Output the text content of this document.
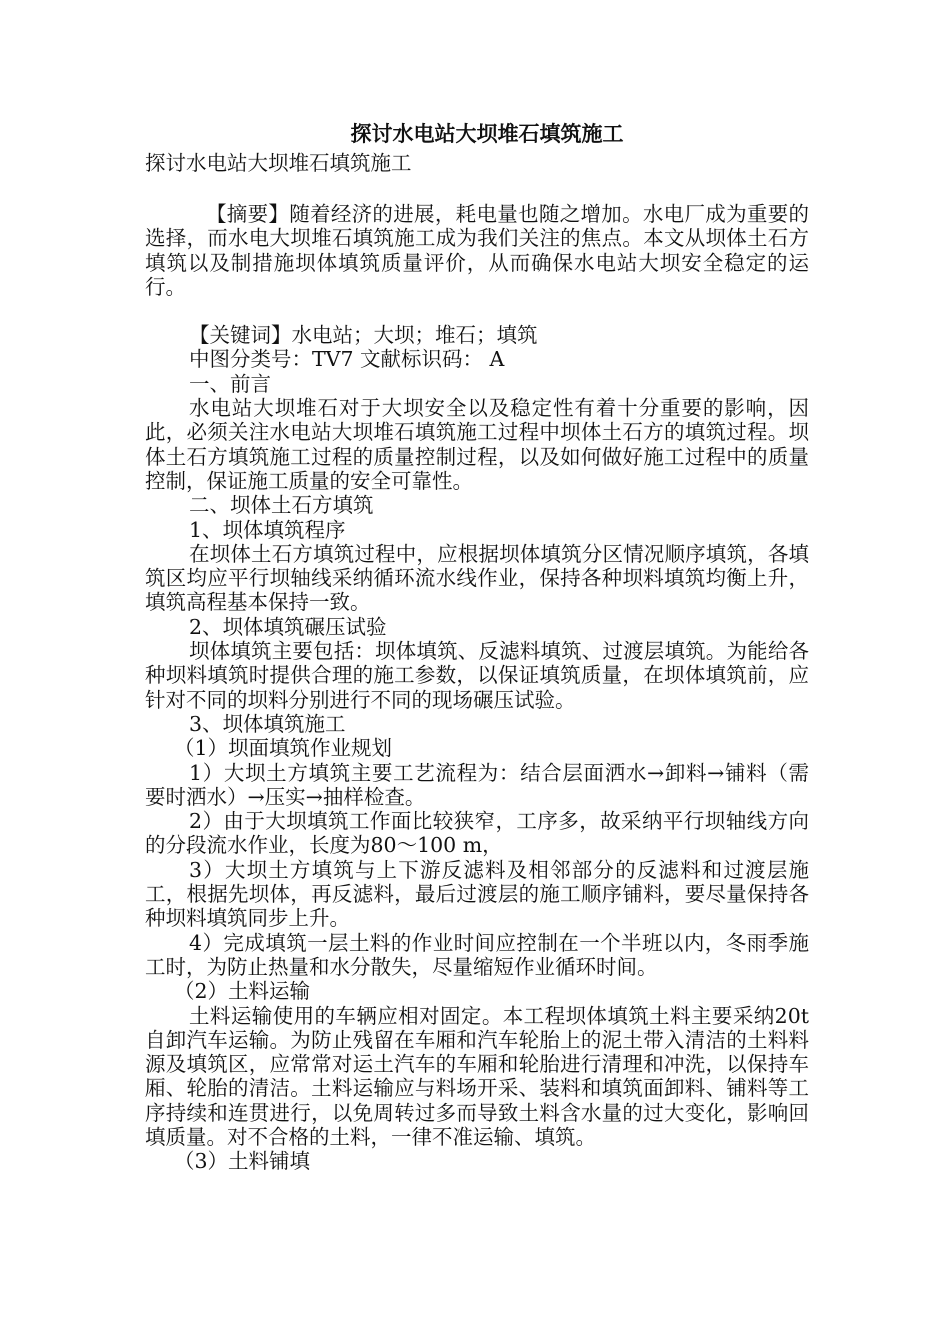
探讨水电站大坝堆石填筑施工
探讨水电站大坝堆石填筑施工

【摘要】随着经济的进展，耗电量也随之增加。水电厂成为重要的选择，而水电大坝堆石填筑施工成为我们关注的焦点。本文从坝体土石方填筑以及制措施坝体填筑质量评价，从而确保水电站大坝安全稳定的运行。

【关键词】水电站；大坝；堆石；填筑

中图分类号：TV7 文献标识码： A

一、前言

水电站大坝堆石对于大坝安全以及稳定性有着十分重要的影响，因此，必须关注水电站大坝堆石填筑施工过程中坝体土石方的填筑过程。坝体土石方填筑施工过程的质量控制过程，以及如何做好施工过程中的质量控制，保证施工质量的安全可靠性。

二、坝体土石方填筑

1、坝体填筑程序

在坝体土石方填筑过程中，应根据坝体填筑分区情况顺序填筑，各填筑区均应平行坝轴线采纳循环流水线作业，保持各种坝料填筑均衡上升，填筑高程基本保持一致。

2、坝体填筑碾压试验

坝体填筑主要包括：坝体填筑、反滤料填筑、过渡层填筑。为能给各种坝料填筑时提供合理的施工参数，以保证填筑质量，在坝体填筑前，应针对不同的坝料分别进行不同的现场碾压试验。

3、坝体填筑施工

（1）坝面填筑作业规划

1）大坝土方填筑主要工艺流程为：结合层面洒水→卸料→铺料（需要时洒水）→压实→抽样检查。

2）由于大坝填筑工作面比较狭窄，工序多，故采纳平行坝轴线方向的分段流水作业，长度为80～100 m，

3）大坝土方填筑与上下游反滤料及相邻部分的反滤料和过渡层施工，根据先坝体，再反滤料，最后过渡层的施工顺序铺料，要尽量保持各种坝料填筑同步上升。

4）完成填筑一层土料的作业时间应控制在一个半班以内，冬雨季施工时，为防止热量和水分散失，尽量缩短作业循环时间。

（2）土料运输

土料运输使用的车辆应相对固定。本工程坝体填筑土料主要采纳20t自卸汽车运输。为防止残留在车厢和汽车轮胎上的泥土带入清洁的土料料源及填筑区，应常常对运土汽车的车厢和轮胎进行清理和冲洗，以保持车厢、轮胎的清洁。土料运输应与料场开采、装料和填筑面卸料、铺料等工序持续和连贯进行，以免周转过多而导致土料含水量的过大变化，影响回填质量。对不合格的土料，一律不准运输、填筑。

（3）土料铺填
